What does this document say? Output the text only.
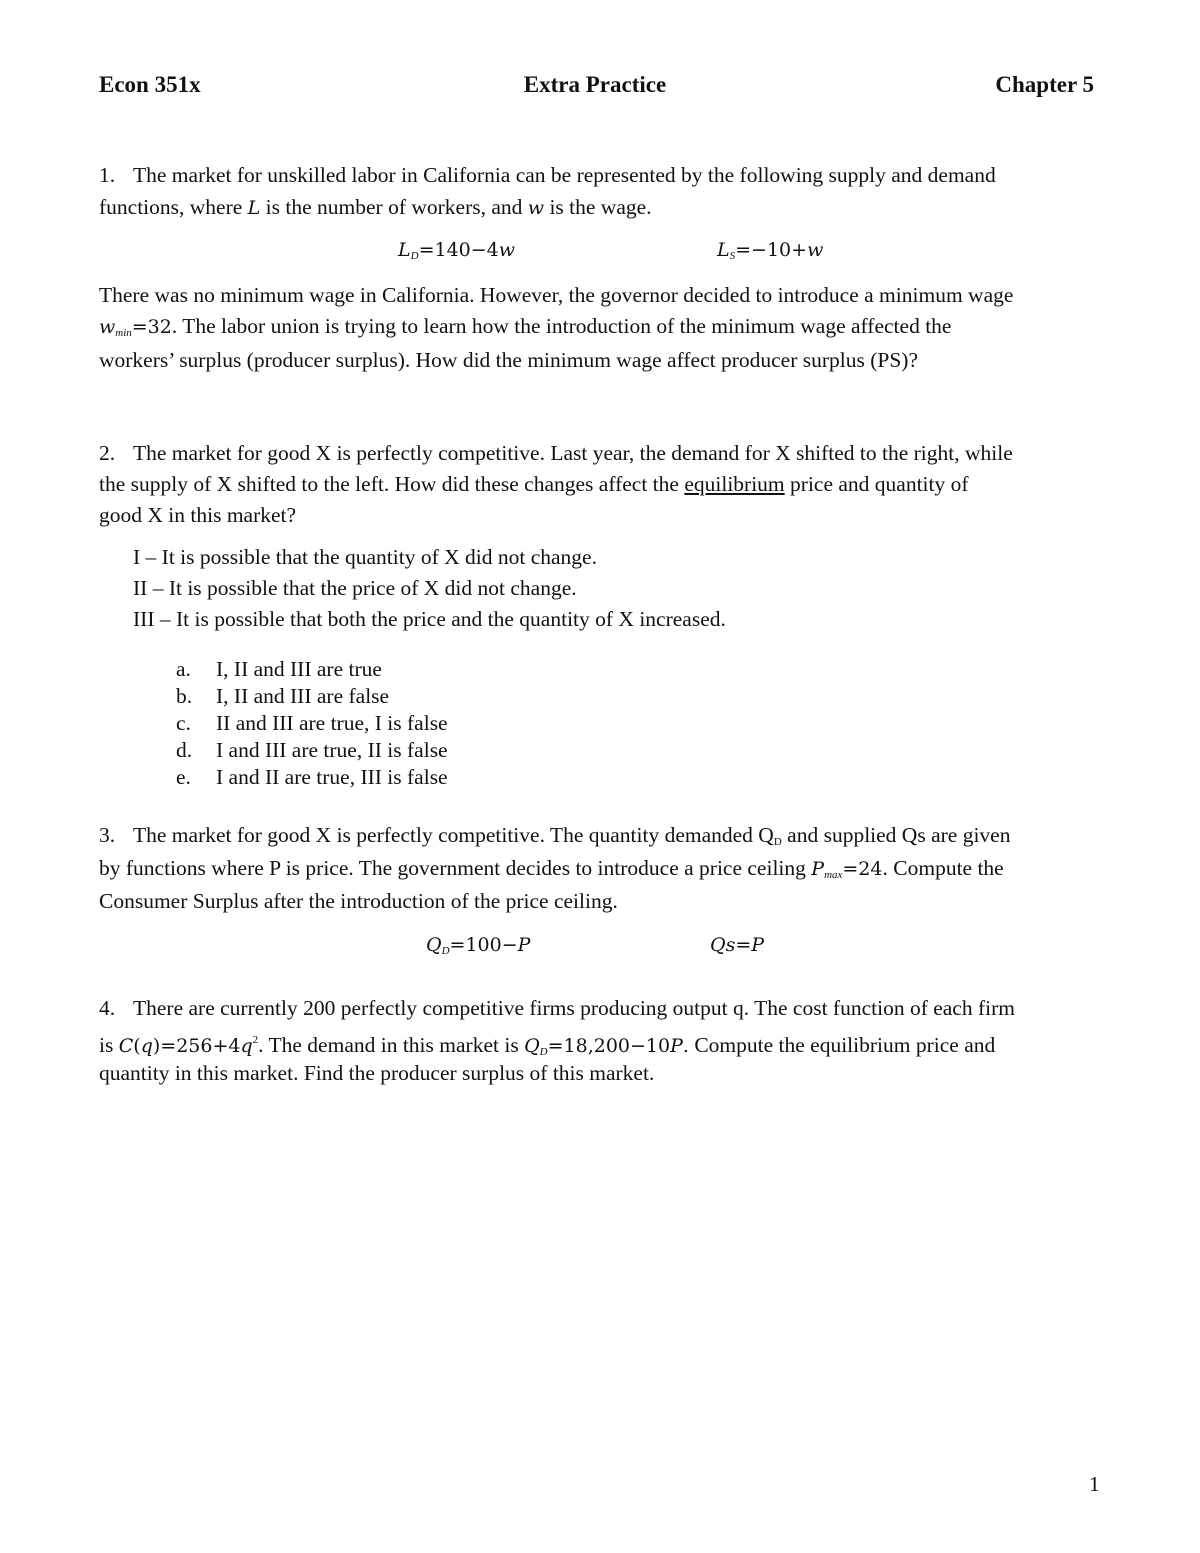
Econ 351x	Extra Practice	Chapter 5
1. The market for unskilled labor in California can be represented by the following supply and demand
functions, where L is the number of workers, and w is the wage.
$L_D=140-4w$	$L_S=-10+w$
There was no minimum wage in California. However, the governor decided to introduce a minimum wage
$w_{min}=32$. The labor union is trying to learn how the introduction of the minimum wage affected the
workers’ surplus (producer surplus). How did the minimum wage affect producer surplus (PS)?
2. The market for good X is perfectly competitive. Last year, the demand for X shifted to the right, while
the supply of X shifted to the left. How did these changes affect the equilibrium price and quantity of
good X in this market?
I – It is possible that the quantity of X did not change.
II – It is possible that the price of X did not change.
III – It is possible that both the price and the quantity of X increased.
a. I, II and III are true
b. I, II and III are false
c. II and III are true, I is false
d. I and III are true, II is false
e. I and II are true, III is false
3. The market for good X is perfectly competitive. The quantity demanded $Q_D$ and supplied Qs are given
by functions where P is price. The government decides to introduce a price ceiling $P_{max}=24$. Compute the
Consumer Surplus after the introduction of the price ceiling.
$Q_D=100-P$	Qs=P
4. There are currently 200 perfectly competitive firms producing output q. The cost function of each firm
is $C(q)=256+4q^2$. The demand in this market is $Q_D=18,200-10P$. Compute the equilibrium price and
quantity in this market. Find the producer surplus of this market.
1
